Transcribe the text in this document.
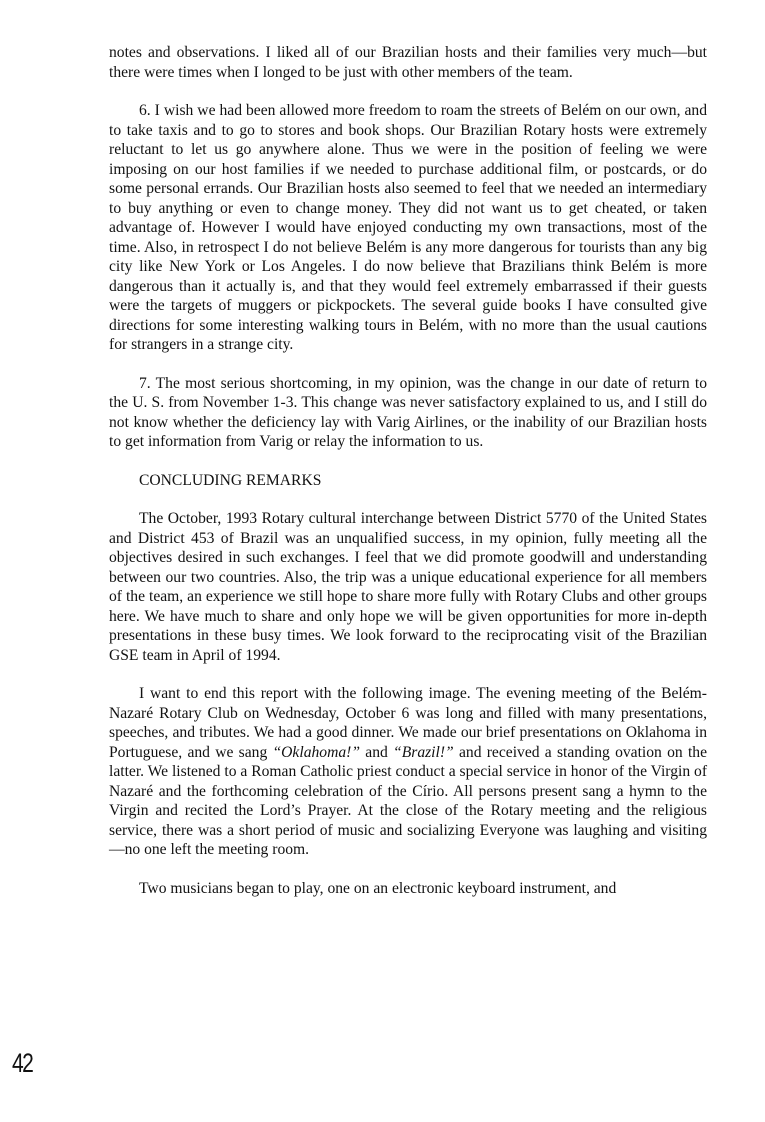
notes and observations. I liked all of our Brazilian hosts and their families very much—but there were times when I longed to be just with other members of the team.

6. I wish we had been allowed more freedom to roam the streets of Belém on our own, and to take taxis and to go to stores and book shops. Our Brazilian Rotary hosts were extremely reluctant to let us go anywhere alone. Thus we were in the position of feeling we were imposing on our host families if we needed to purchase additional film, or postcards, or do some personal errands. Our Brazilian hosts also seemed to feel that we needed an intermediary to buy anything or even to change money. They did not want us to get cheated, or taken advantage of. However I would have enjoyed conducting my own transactions, most of the time. Also, in retrospect I do not believe Belém is any more dangerous for tourists than any big city like New York or Los Angeles. I do now believe that Brazilians think Belém is more dangerous than it actually is, and that they would feel extremely embarrassed if their guests were the targets of muggers or pickpockets. The several guide books I have consulted give directions for some interesting walking tours in Belém, with no more than the usual cautions for strangers in a strange city.

7. The most serious shortcoming, in my opinion, was the change in our date of return to the U. S. from November 1-3. This change was never satisfactory explained to us, and I still do not know whether the deficiency lay with Varig Airlines, or the inability of our Brazilian hosts to get information from Varig or relay the information to us.

CONCLUDING REMARKS

The October, 1993 Rotary cultural interchange between District 5770 of the United States and District 453 of Brazil was an unqualified success, in my opinion, fully meeting all the objectives desired in such exchanges. I feel that we did promote goodwill and understanding between our two countries. Also, the trip was a unique educational experience for all members of the team, an experience we still hope to share more fully with Rotary Clubs and other groups here. We have much to share and only hope we will be given opportunities for more in-depth presentations in these busy times. We look forward to the reciprocating visit of the Brazilian GSE team in April of 1994.

I want to end this report with the following image. The evening meeting of the Belém-Nazaré Rotary Club on Wednesday, October 6 was long and filled with many presentations, speeches, and tributes. We had a good dinner. We made our brief presentations on Oklahoma in Portuguese, and we sang “Oklahoma!” and “Brazil!” and received a standing ovation on the latter. We listened to a Roman Catholic priest conduct a special service in honor of the Virgin of Nazaré and the forthcoming celebration of the Círio. All persons present sang a hymn to the Virgin and recited the Lord’s Prayer. At the close of the Rotary meeting and the religious service, there was a short period of music and socializing Everyone was laughing and visiting—no one left the meeting room.

Two musicians began to play, one on an electronic keyboard instrument, and

42
